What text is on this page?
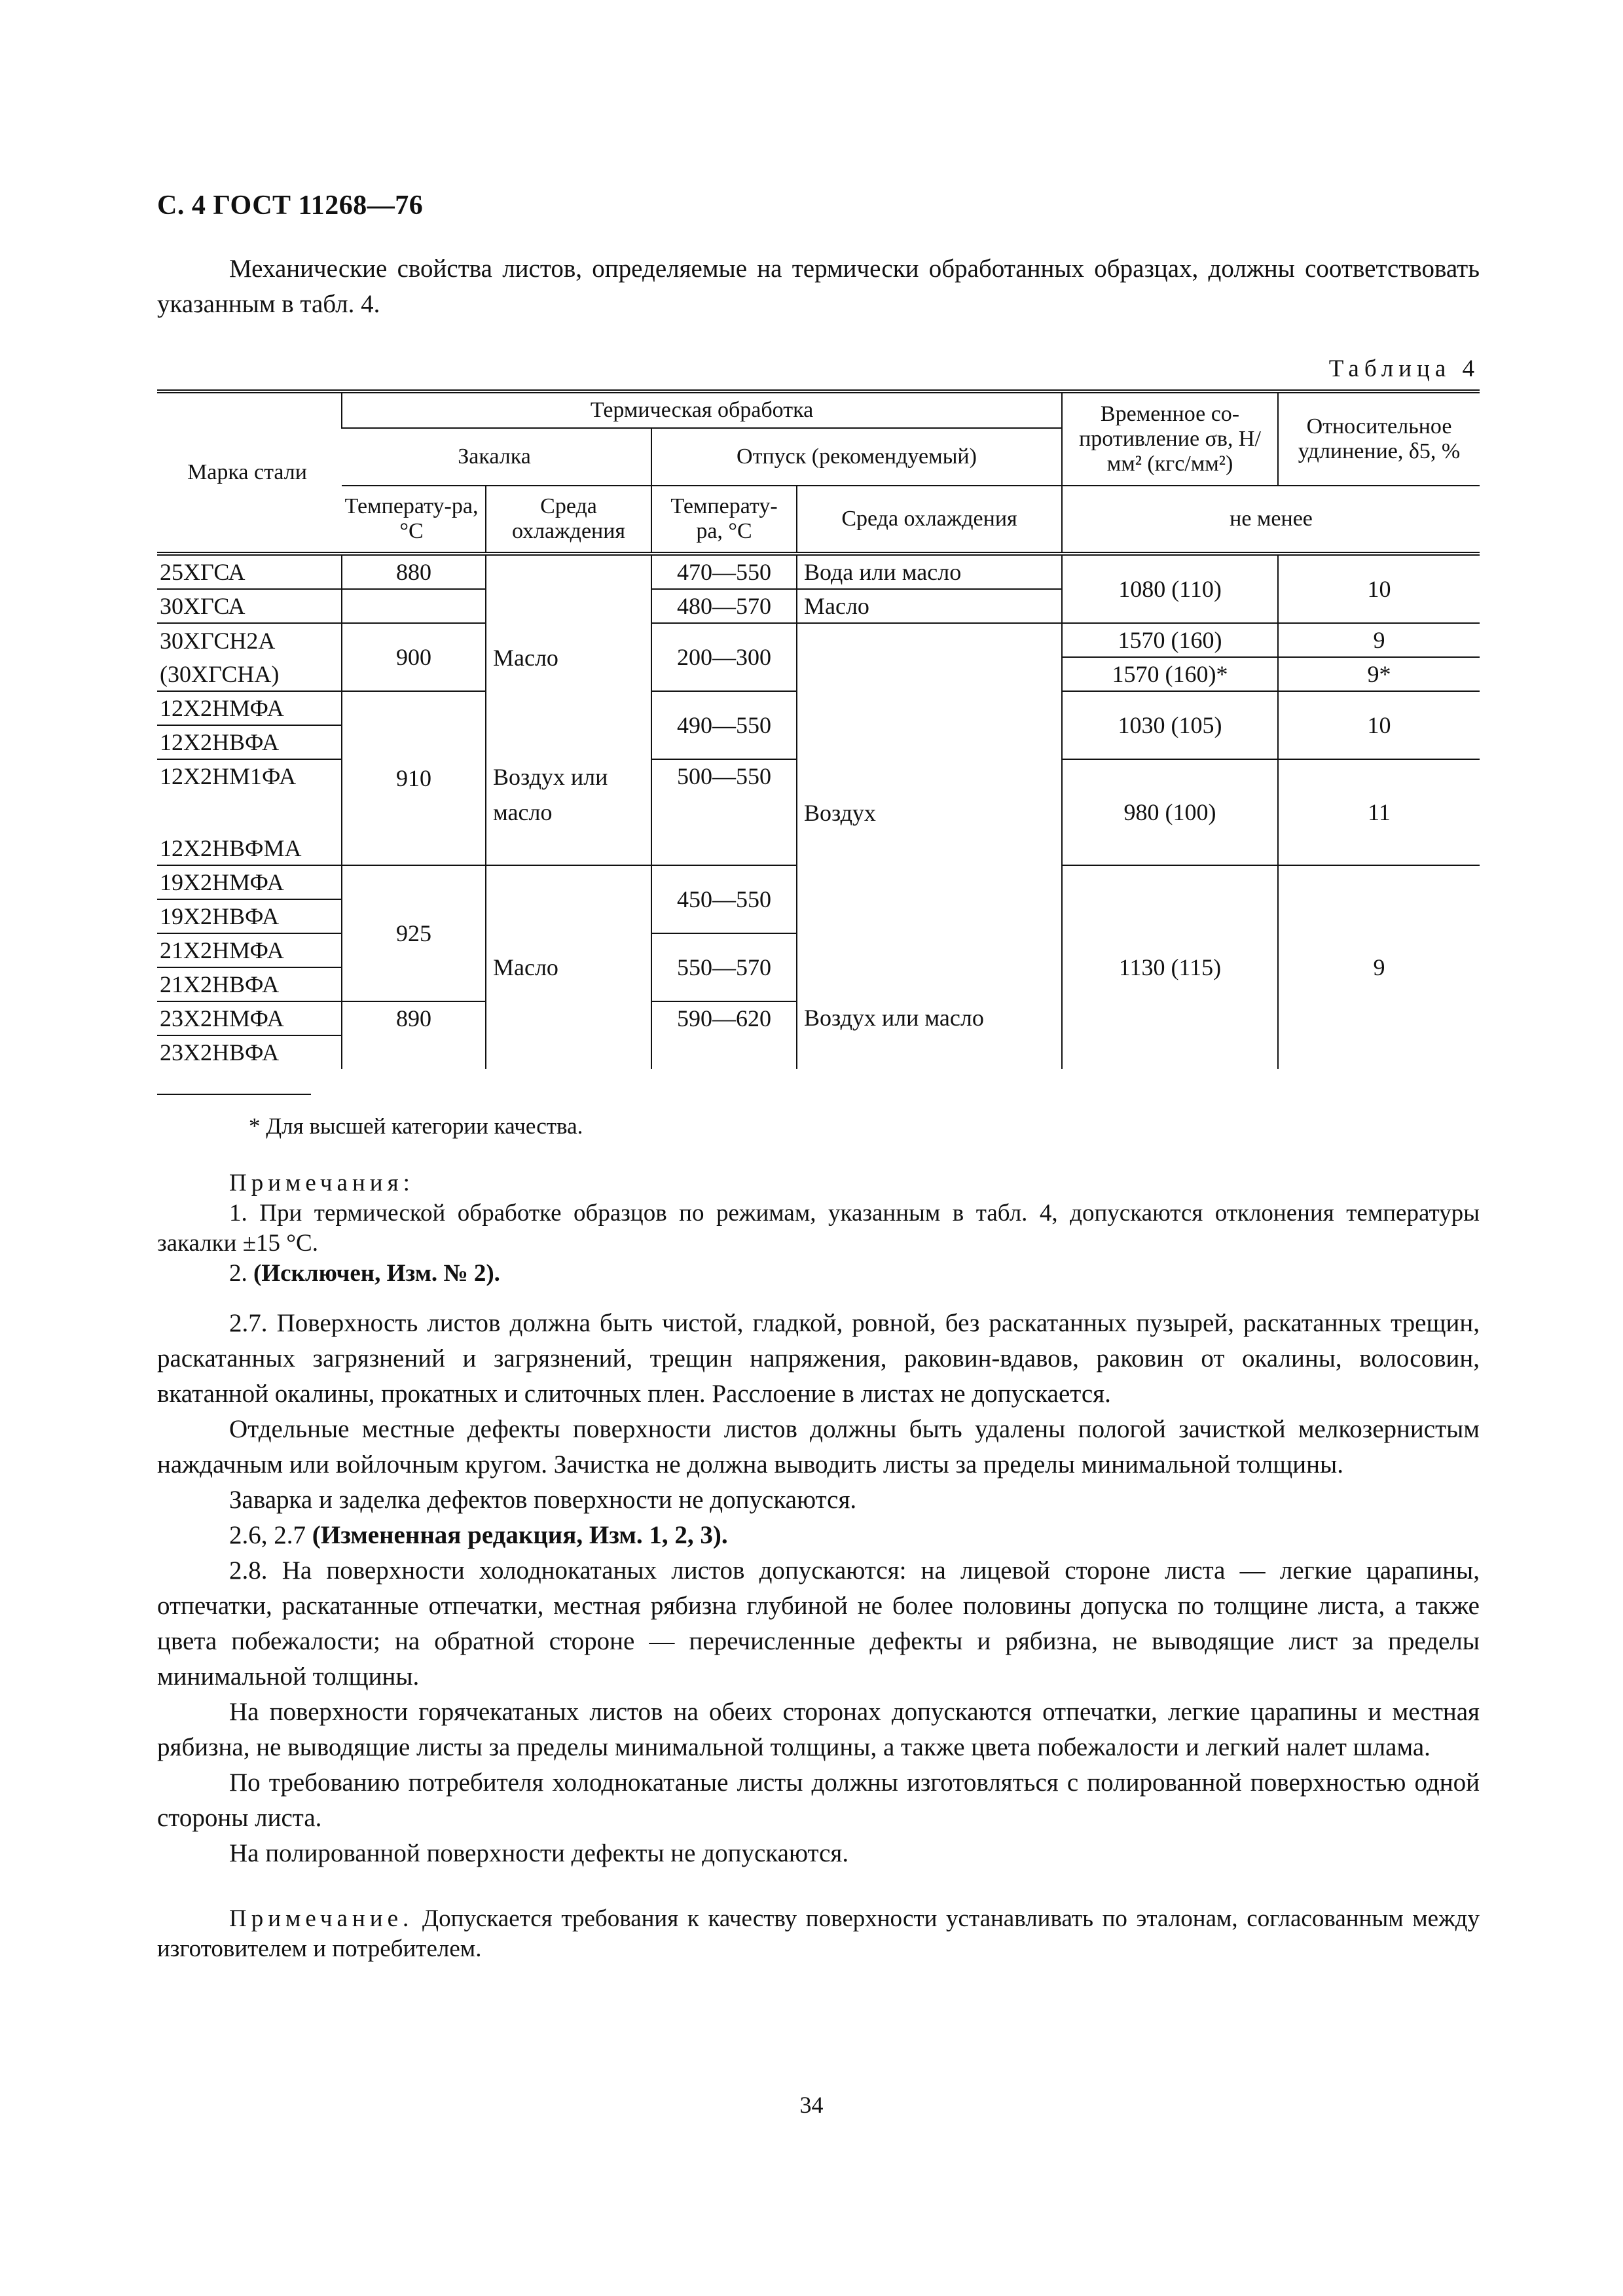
С. 4 ГОСТ 11268—76

Механические свойства листов, определяемые на термически обработанных образцах, должны соответствовать указанным в табл. 4.

Таблица 4
Марка стали	Термическая обработка				Временное со-противление σв, Н/мм² (кгс/мм²)	Относительное удлинение, δ5, %
	Закалка		Отпуск (рекомендуемый)			
	Температу-ра, °С	Среда охлаждения	Температу-ра, °С	Среда охлаждения	не менее	
25ХГСА	880	Масло	470—550	Вода или масло	1080 (110)	10
30ХГСА			480—570	Масло		
30ХГСН2А	900		200—300	Воздух	1570 (160)	9
(30ХГСНА)					1570 (160)*	9*
12Х2НМФА	910		490—550		1030 (105)	10
12Х2НВФА						
12Х2НМ1ФА		Воздух или масло	500—550		980 (100)	11
12Х2НВФМА						
19Х2НМФА	925	Масло	450—550		1130 (115)	9
19Х2НВФА						
21Х2НМФА			550—570			
21Х2НВФА						
23Х2НМФА	890		590—620	Воздух или масло		
23Х2НВФА						
* Для высшей категории качества.
Примечания:

1. При термической обработке образцов по режимам, указанным в табл. 4, допускаются отклонения температуры закалки ±15 °С.

2. (Исключен, Изм. № 2).

2.7. Поверхность листов должна быть чистой, гладкой, ровной, без раскатанных пузырей, раскатанных трещин, раскатанных загрязнений и загрязнений, трещин напряжения, раковин-вдавов, раковин от окалины, волосовин, вкатанной окалины, прокатных и слиточных плен. Расслоение в листах не допускается.

Отдельные местные дефекты поверхности листов должны быть удалены пологой зачисткой мелкозернистым наждачным или войлочным кругом. Зачистка не должна выводить листы за пределы минимальной толщины.

Заварка и заделка дефектов поверхности не допускаются.

2.6, 2.7 (Измененная редакция, Изм. 1, 2, 3).

2.8. На поверхности холоднокатаных листов допускаются: на лицевой стороне листа — легкие царапины, отпечатки, раскатанные отпечатки, местная рябизна глубиной не более половины допуска по толщине листа, а также цвета побежалости; на обратной стороне — перечисленные дефекты и рябизна, не выводящие лист за пределы минимальной толщины.

На поверхности горячекатаных листов на обеих сторонах допускаются отпечатки, легкие царапины и местная рябизна, не выводящие листы за пределы минимальной толщины, а также цвета побежалости и легкий налет шлама.

По требованию потребителя холоднокатаные листы должны изготовляться с полированной поверхностью одной стороны листа.

На полированной поверхности дефекты не допускаются.

Примечание. Допускается требования к качеству поверхности устанавливать по эталонам, согласованным между изготовителем и потребителем.

34
